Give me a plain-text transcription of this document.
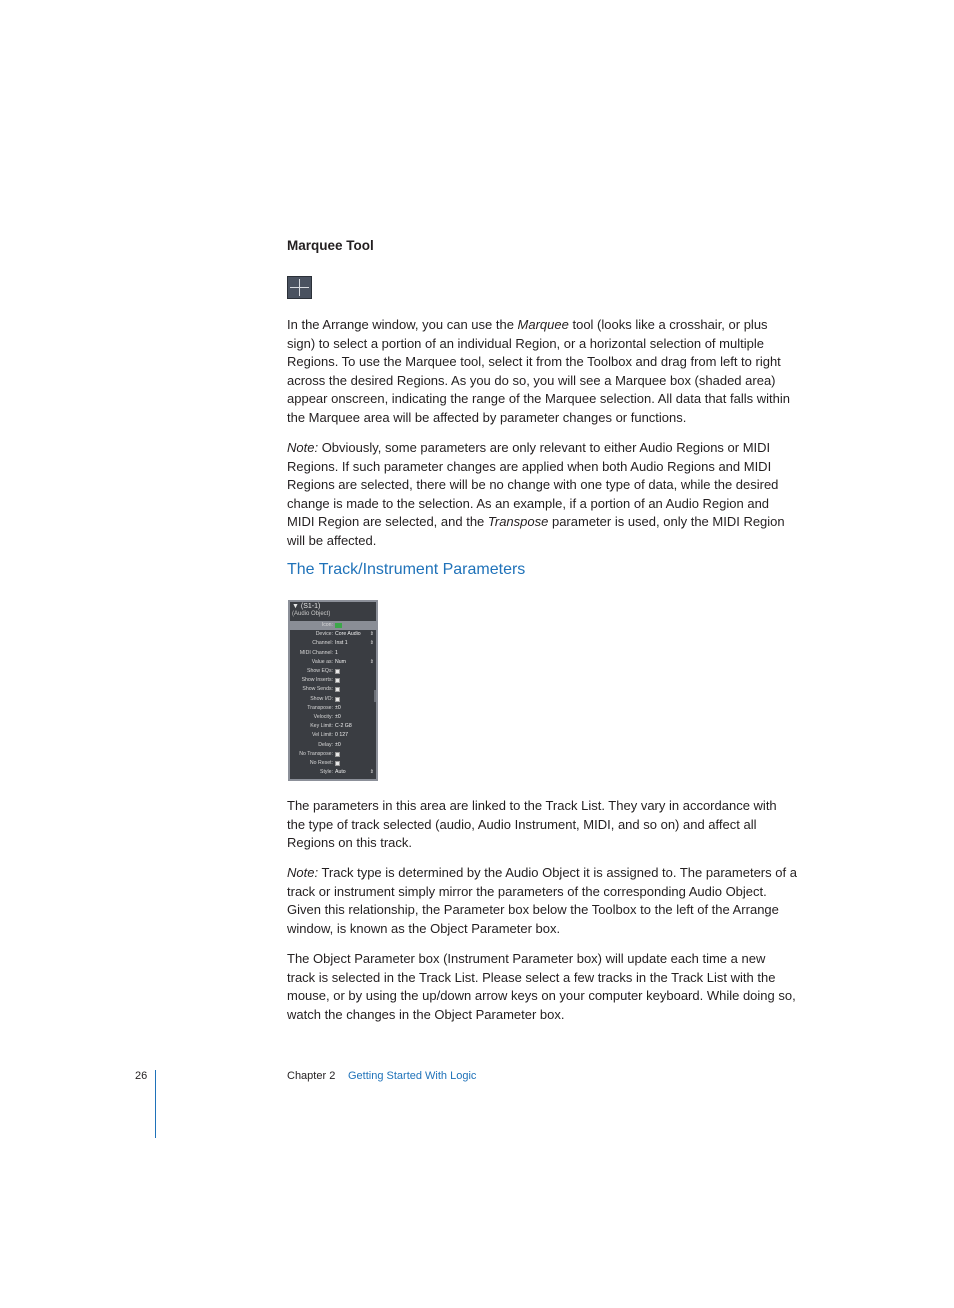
Marquee Tool

In the Arrange window, you can use the Marquee tool (looks like a crosshair, or plus sign) to select a portion of an individual Region, or a horizontal selection of multiple Regions. To use the Marquee tool, select it from the Toolbox and drag from left to right across the desired Regions. As you do so, you will see a Marquee box (shaded area) appear onscreen, indicating the range of the Marquee selection. All data that falls within the Marquee area will be affected by parameter changes or functions.

Note: Obviously, some parameters are only relevant to either Audio Regions or MIDI Regions. If such parameter changes are applied when both Audio Regions and MIDI Regions are selected, there will be no change with one type of data, while the desired change is made to the selection. As an example, if a portion of an Audio Region and MIDI Region are selected, and the Transpose parameter is used, only the MIDI Region will be affected.

The Track/Instrument Parameters
▼ (S1-1)
(Audio Object)
Icon:
Device: Core Audio ⇕
Channel: Inst 1	⇕
MIDI Channel: 1
Value as: Num	⇕
Show EQs:
Show Inserts:
Show Sends:
Show I/O:
Transpose: ±0
Velocity: ±0
Key Limit: C-2 G8
Vel Limit: 0 127
Delay: ±0
No Transpose:
No Reset:
Style: Auto	⇕

The parameters in this area are linked to the Track List. They vary in accordance with the type of track selected (audio, Audio Instrument, MIDI, and so on) and affect all Regions on this track.

Note: Track type is determined by the Audio Object it is assigned to. The parameters of a track or instrument simply mirror the parameters of the corresponding Audio Object. Given this relationship, the Parameter box below the Toolbox to the left of the Arrange window, is known as the Object Parameter box.

The Object Parameter box (Instrument Parameter box) will update each time a new track is selected in the Track List. Please select a few tracks in the Track List with the mouse, or by using the up/down arrow keys on your computer keyboard. While doing so, watch the changes in the Object Parameter box.

26	Chapter 2 Getting Started With Logic
